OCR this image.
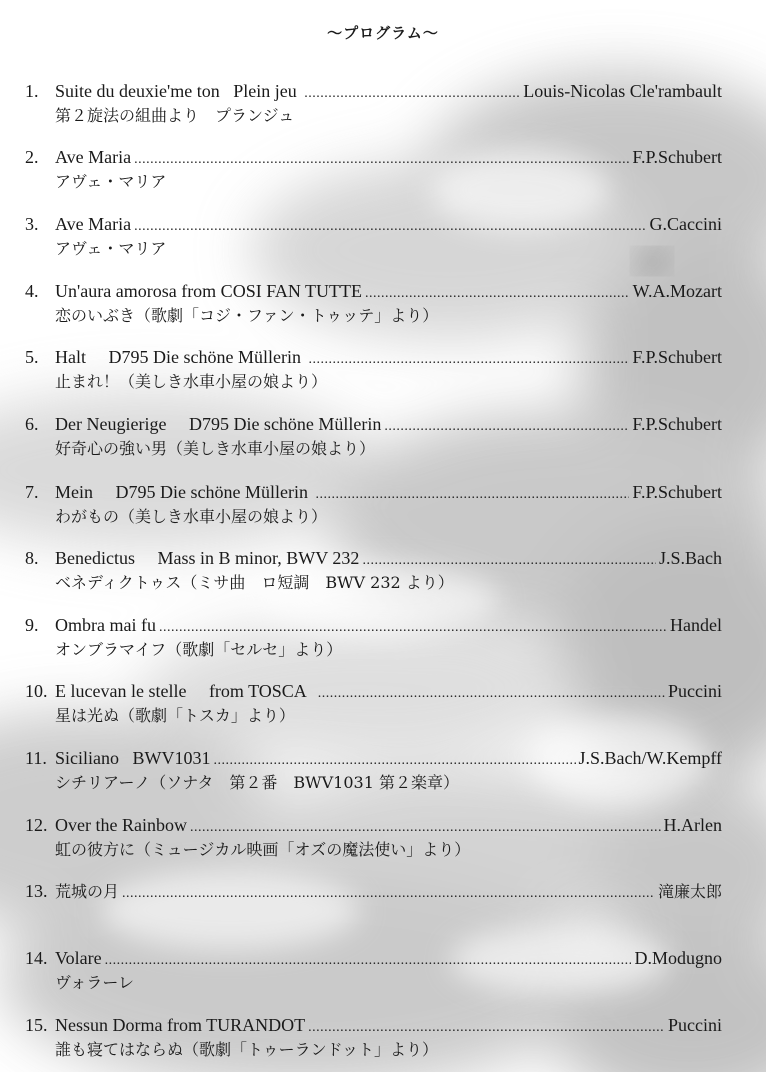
〜プログラム〜
1. Suite du deuxie'me ton   Plein jeu .....	Louis-Nicolas Cle'rambault
第２旋法の組曲より　プランジュ
2. Ave Maria .....	F.P.Schubert
アヴェ・マリア
3. Ave Maria .....	G.Caccini
アヴェ・マリア
4. Un'aura amorosa from COSI FAN TUTTE .....	W.A.Mozart
恋のいぶき（歌劇「コジ・ファン・トゥッテ」より）
5. Halt     D795 Die schöne Müllerin .....	F.P.Schubert
止まれ！（美しき水車小屋の娘より）
6. Der Neugierige     D795 Die schöne Müllerin .....	F.P.Schubert
好奇心の強い男（美しき水車小屋の娘より）
7. Mein     D795 Die schöne Müllerin .....	F.P.Schubert
わがもの（美しき水車小屋の娘より）
8. Benedictus     Mass in B minor, BWV 232 .....	J.S.Bach
ベネディクトゥス（ミサ曲　ロ短調　BWV 232 より）
9. Ombra mai fu .....	Handel
オンブラマイフ（歌劇「セルセ」より）
10. E lucevan le stelle     from TOSCA .....	Puccini
星は光ぬ（歌劇「トスカ」より）
11. Siciliano   BWV1031 .....	J.S.Bach/W.Kempff
シチリアーノ（ソナタ　第２番　BWV1031 第２楽章）
12. Over the Rainbow .....	H.Arlen
虹の彼方に（ミュージカル映画「オズの魔法使い」より）
13. 荒城の月 .....	滝廉太郎
14. Volare .....	D.Modugno
ヴォラーレ
15. Nessun Dorma from TURANDOT .....	Puccini
誰も寝てはならぬ（歌劇「トゥーランドット」より）
